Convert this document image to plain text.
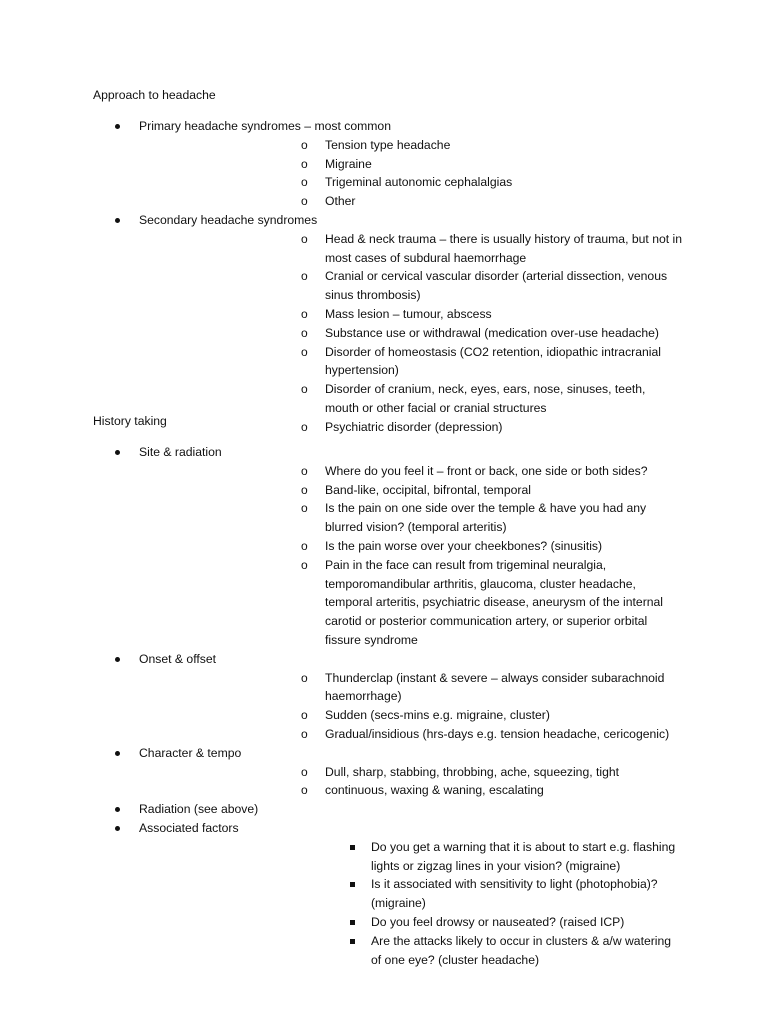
Approach to headache
Primary headache syndromes – most common
o Tension type headache
o Migraine
o Trigeminal autonomic cephalalgias
o Other
Secondary headache syndromes
o Head & neck trauma – there is usually history of trauma, but not in most cases of subdural haemorrhage
o Cranial or cervical vascular disorder (arterial dissection, venous sinus thrombosis)
o Mass lesion – tumour, abscess
o Substance use or withdrawal (medication over-use headache)
o Disorder of homeostasis (CO2 retention, idiopathic intracranial hypertension)
o Disorder of cranium, neck, eyes, ears, nose, sinuses, teeth, mouth or other facial or cranial structures
o Psychiatric disorder (depression)
History taking
Site & radiation
o Where do you feel it – front or back, one side or both sides?
o Band-like, occipital, bifrontal, temporal
o Is the pain on one side over the temple & have you had any blurred vision? (temporal arteritis)
o Is the pain worse over your cheekbones? (sinusitis)
o Pain in the face can result from trigeminal neuralgia, temporomandibular arthritis, glaucoma, cluster headache, temporal arteritis, psychiatric disease, aneurysm of the internal carotid or posterior communication artery, or superior orbital fissure syndrome
Onset & offset
o Thunderclap (instant & severe – always consider subarachnoid haemorrhage)
o Sudden (secs-mins e.g. migraine, cluster)
o Gradual/insidious (hrs-days e.g. tension headache, cericogenic)
Character & tempo
o Dull, sharp, stabbing, throbbing, ache, squeezing, tight
o continuous, waxing & waning, escalating
Radiation (see above)
Associated factors
Do you get a warning that it is about to start e.g. flashing lights or zigzag lines in your vision? (migraine)
Is it associated with sensitivity to light (photophobia)? (migraine)
Do you feel drowsy or nauseated? (raised ICP)
Are the attacks likely to occur in clusters & a/w watering of one eye? (cluster headache)
